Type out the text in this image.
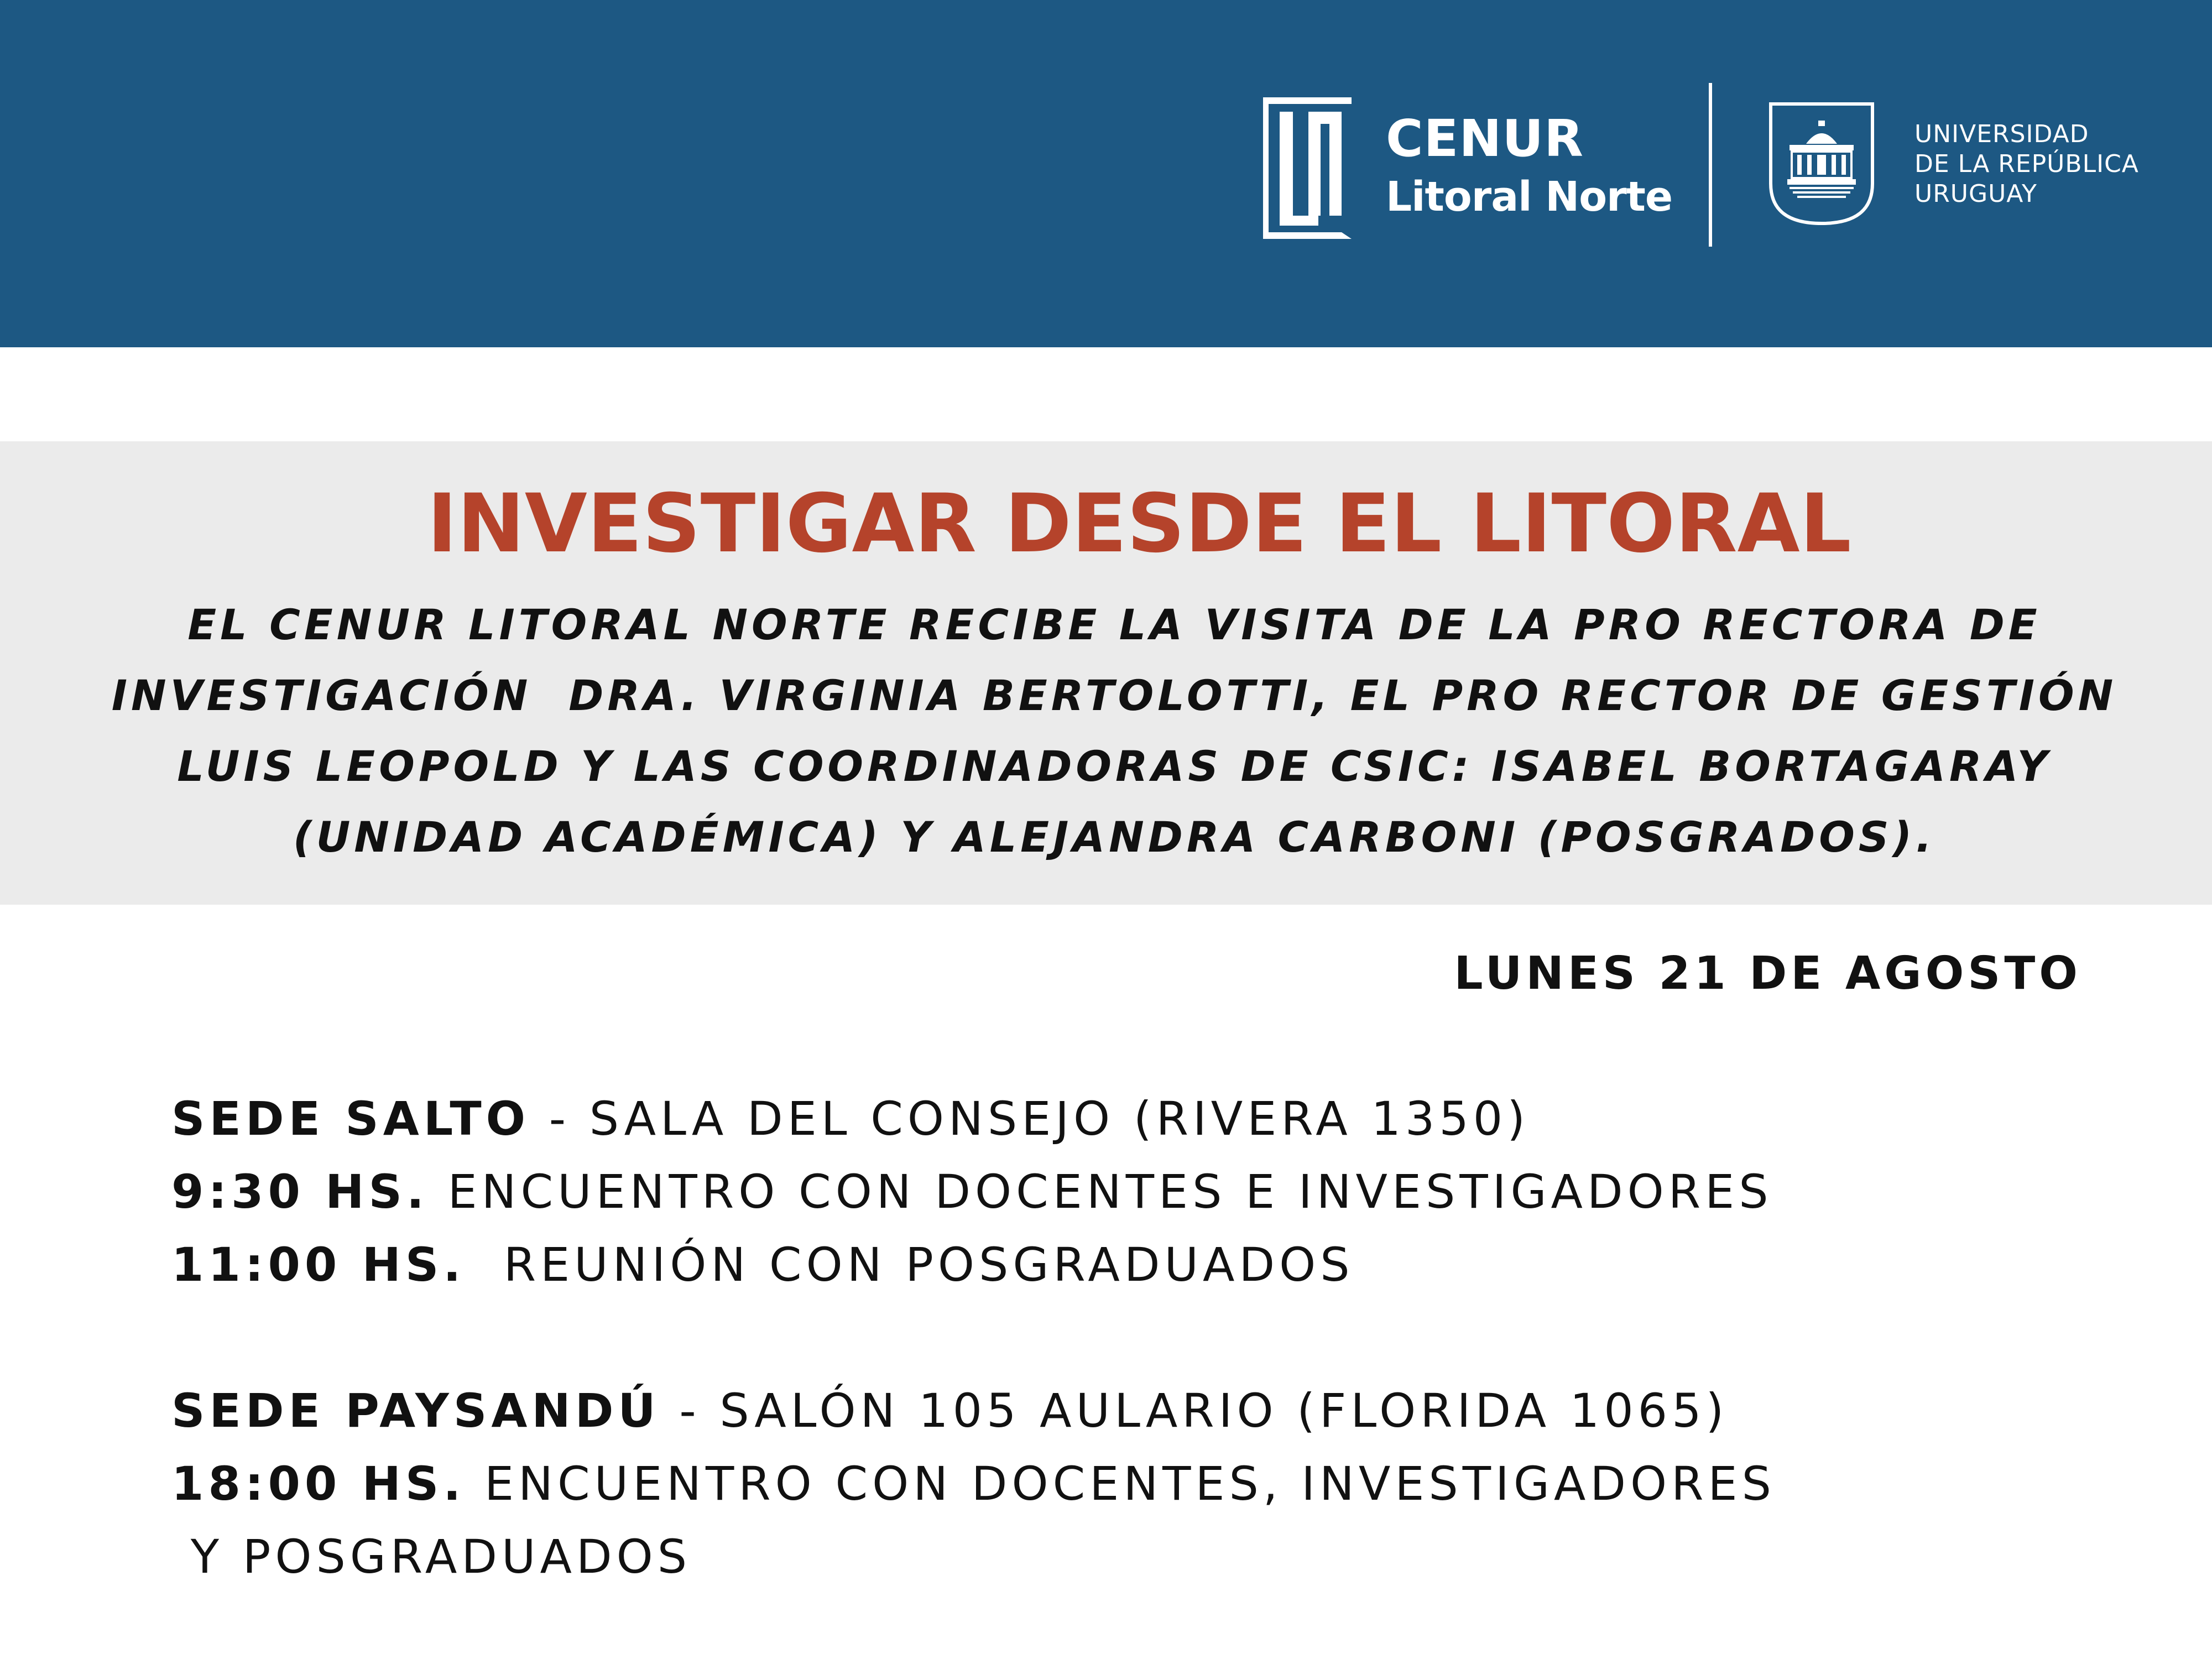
CENUR
Litoral Norte
UNIVERSIDAD
DE LA REPÚBLICA
URUGUAY
INVESTIGAR DESDE EL LITORAL
EL CENUR LITORAL NORTE RECIBE LA VISITA DE LA PRO RECTORA DE
INVESTIGACIÓN  DRA. VIRGINIA BERTOLOTTI, EL PRO RECTOR DE GESTIÓN
LUIS LEOPOLD Y LAS COORDINADORAS DE CSIC: ISABEL BORTAGARAY
(UNIDAD ACADÉMICA) Y ALEJANDRA CARBONI (POSGRADOS).
LUNES 21 DE AGOSTO
SEDE SALTO - SALA DEL CONSEJO (RIVERA 1350)
9:30 HS. ENCUENTRO CON DOCENTES E INVESTIGADORES
11:00 HS.  REUNIÓN CON POSGRADUADOS
SEDE PAYSANDÚ - SALÓN 105 AULARIO (FLORIDA 1065)
18:00 HS. ENCUENTRO CON DOCENTES, INVESTIGADORES
Y POSGRADUADOS
